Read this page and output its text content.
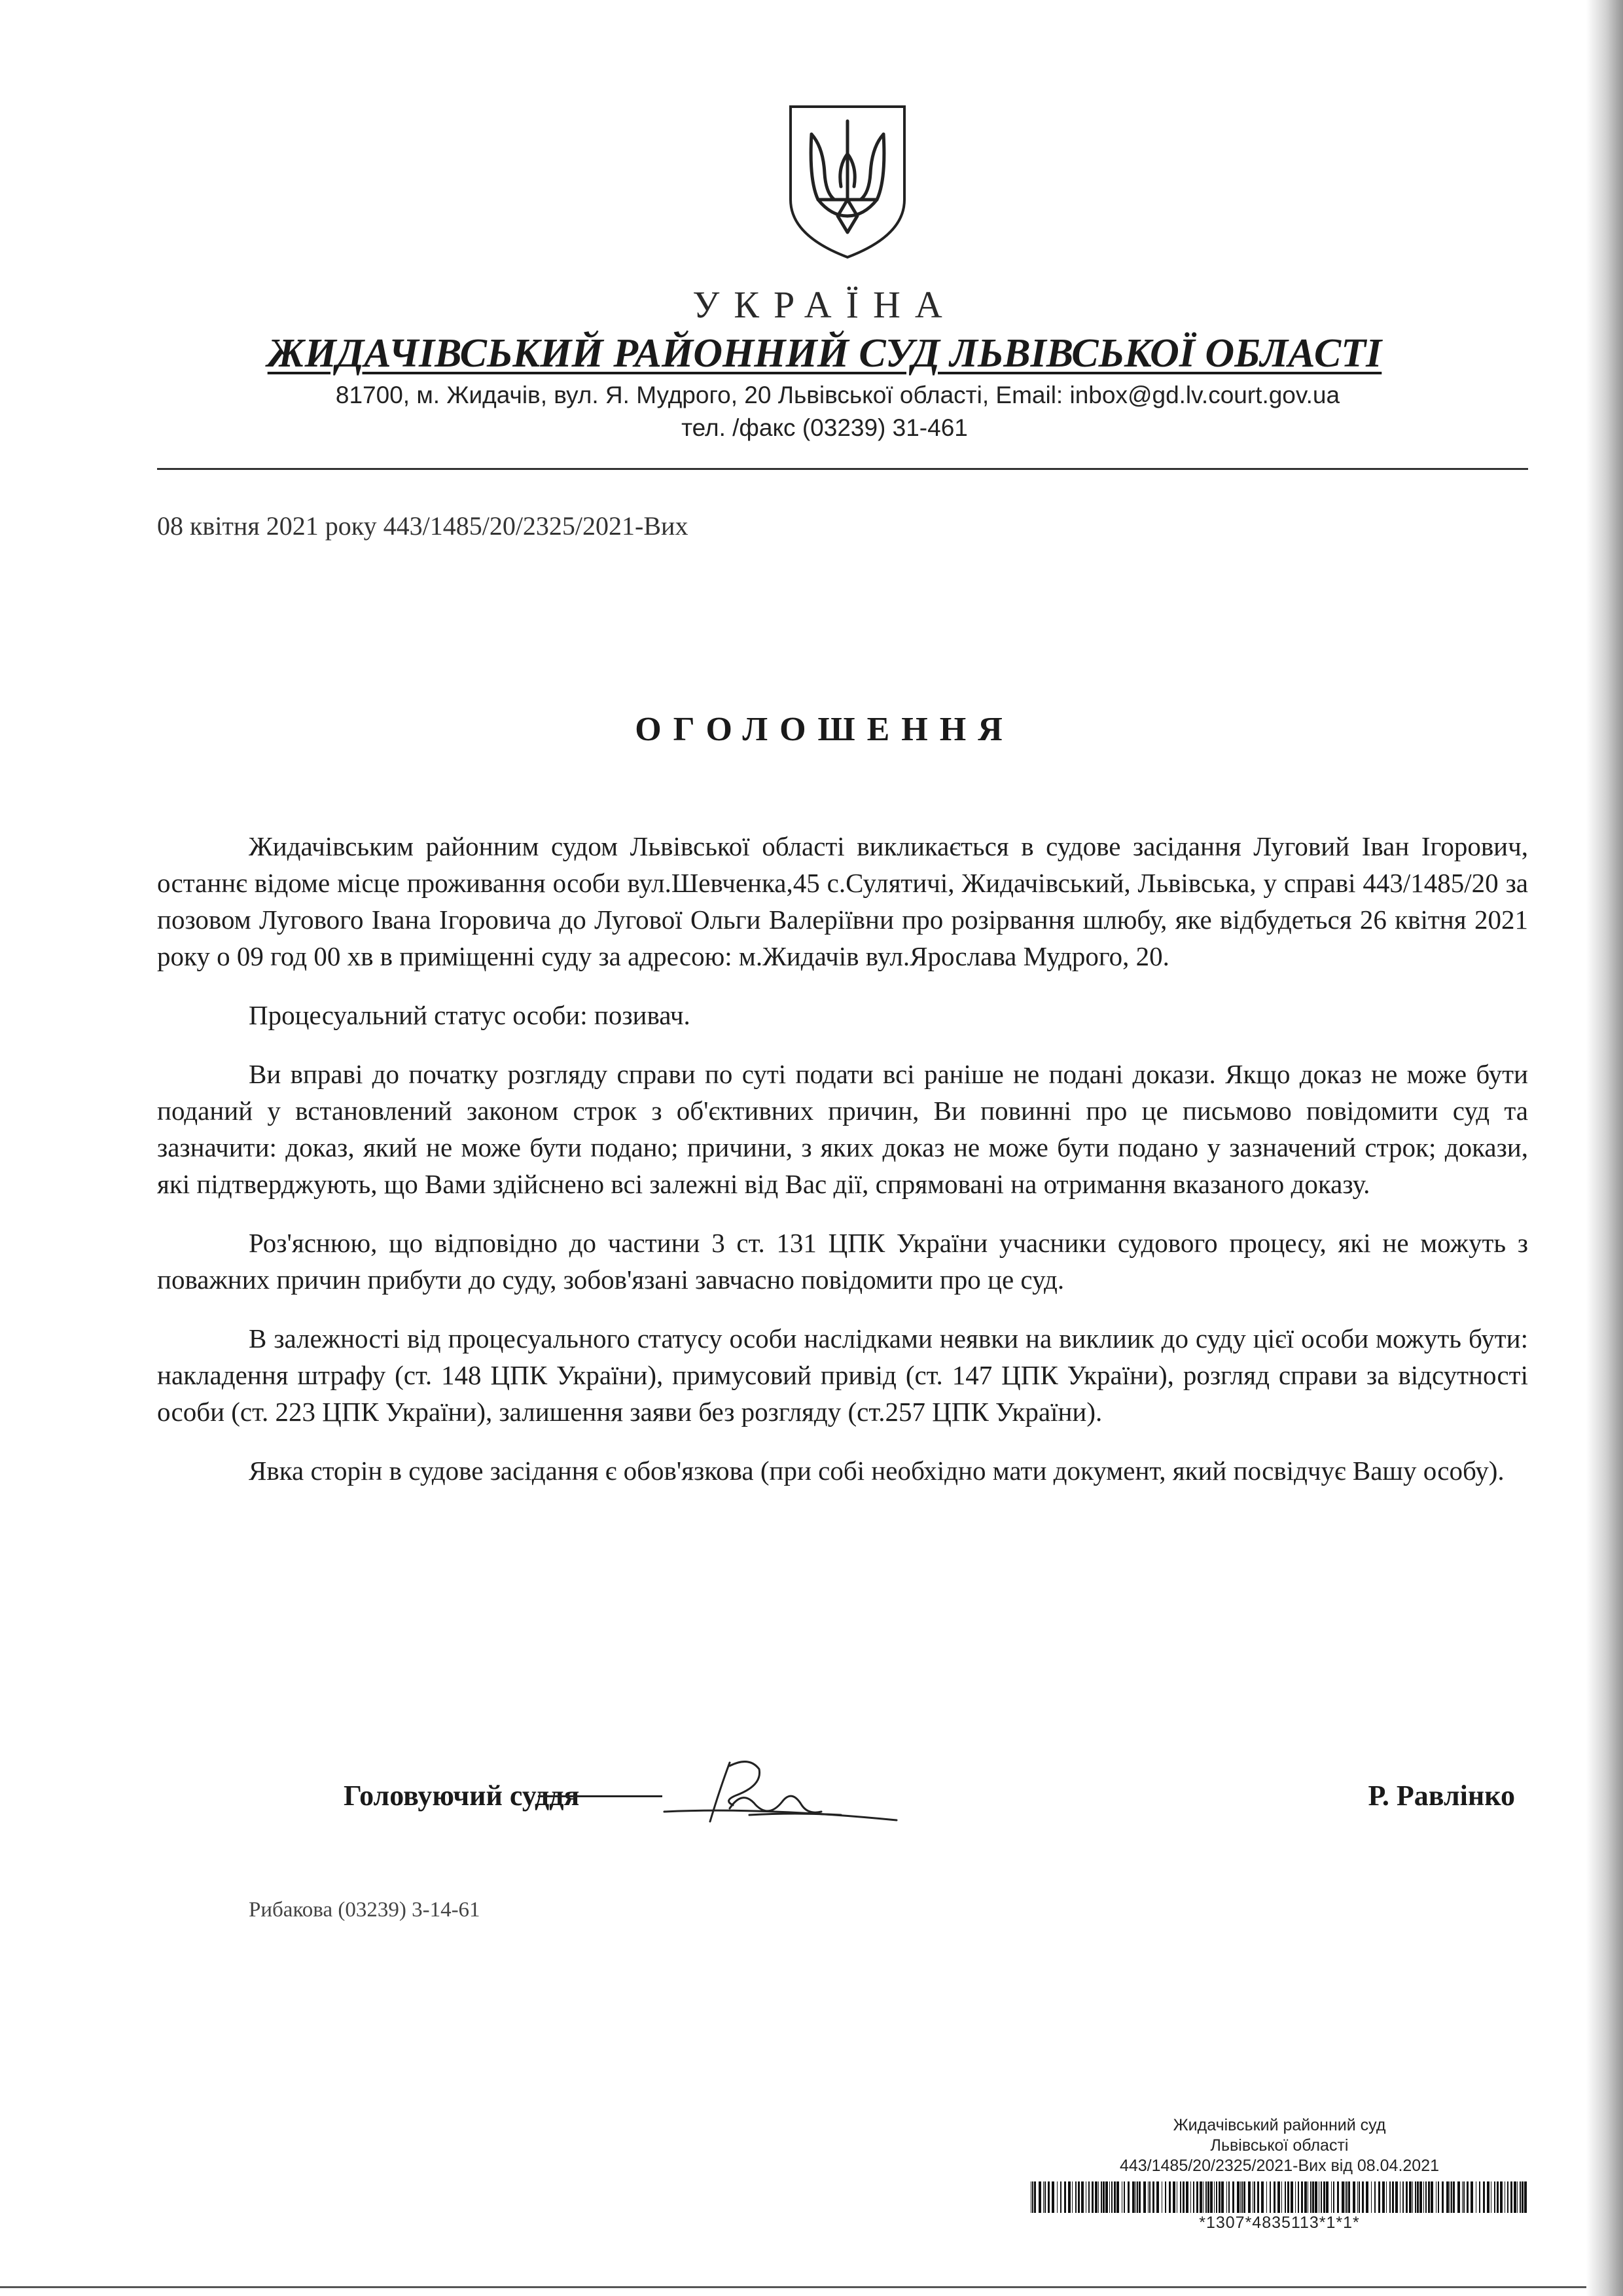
УКРАЇНА
ЖИДАЧІВСЬКИЙ РАЙОННИЙ СУД ЛЬВІВСЬКОЇ ОБЛАСТІ
81700, м. Жидачів, вул. Я. Мудрого, 20 Львівської області, Email: inbox@gd.lv.court.gov.ua
тел. /факс (03239) 31-461
08 квітня 2021 року 443/1485/20/2325/2021-Вих
ОГОЛОШЕННЯ

Жидачівським районним судом Львівської області викликається в судове засідання Луговий Іван Ігорович, останнє відоме місце проживання особи вул.Шевченка,45 с.Сулятичі, Жидачівський, Львівська, у справі 443/1485/20 за позовом Лугового Івана Ігоровича до Лугової Ольги Валеріївни про розірвання шлюбу, яке відбудеться 26 квітня 2021 року о 09 год 00 хв в приміщенні суду за адресою: м.Жидачів вул.Ярослава Мудрого, 20.

Процесуальний статус особи: позивач.

Ви вправі до початку розгляду справи по суті подати всі раніше не подані докази. Якщо доказ не може бути поданий у встановлений законом строк з об'єктивних причин, Ви повинні про це письмово повідомити суд та зазначити: доказ, який не може бути подано; причини, з яких доказ не може бути подано у зазначений строк; докази, які підтверджують, що Вами здійснено всі залежні від Вас дії, спрямовані на отримання вказаного доказу.

Роз'яснюю, що відповідно до частини 3 ст. 131 ЦПК України учасники судового процесу, які не можуть з поважних причин прибути до суду, зобов'язані завчасно повідомити про це суд.

В залежності від процесуального статусу особи наслідками неявки на виклиик до суду цієї особи можуть бути: накладення штрафу (ст. 148 ЦПК України), примусовий привід (ст. 147 ЦПК України), розгляд справи за відсутності особи (ст. 223 ЦПК України), залишення заяви без розгляду (ст.257 ЦПК України).

Явка сторін в судове засідання є обов'язкова (при собі необхідно мати документ, який посвідчує Вашу особу).

Головуючий суддя	Р. Равлінко
Рибакова (03239) 3-14-61
Жидачівський районний суд
Львівської області
443/1485/20/2325/2021-Вих від 08.04.2021
*1307*4835113*1*1*
